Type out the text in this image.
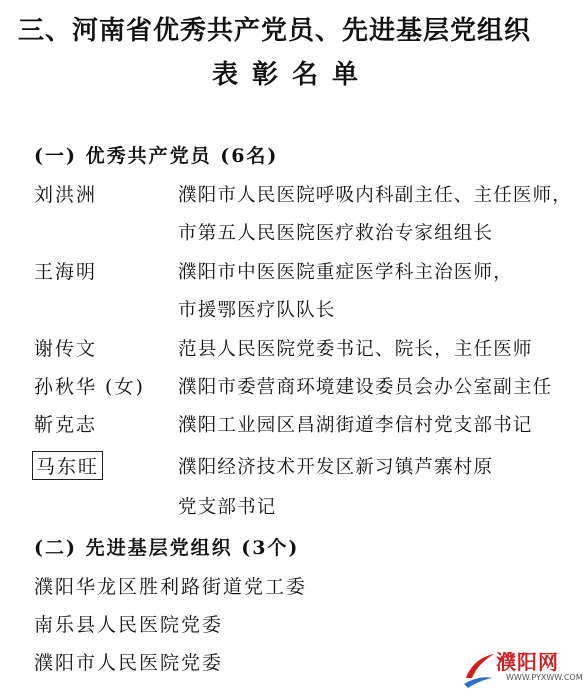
三、河南省优秀共产党员、先进基层党组织
表彰名单
(一) 优秀共产党员 (6名)
刘洪洲	濮阳市人民医院呼吸内科副主任、主任医师，
市第五人民医院医疗救治专家组组长
王海明	濮阳市中医医院重症医学科主治医师，
市援鄂医疗队队长
谢传文	范县人民医院党委书记、院长，主任医师
孙秋华 (女) 濮阳市委营商环境建设委员会办公室副主任
靳克志	濮阳工业园区昌湖街道李信村党支部书记
马东旺	濮阳经济技术开发区新习镇芦寨村原
党支部书记
(二) 先进基层党组织 (3个)
濮阳华龙区胜利路街道党工委
南乐县人民医院党委
濮阳市人民医院党委	濮阳网
WWW.PYXWW.COM
